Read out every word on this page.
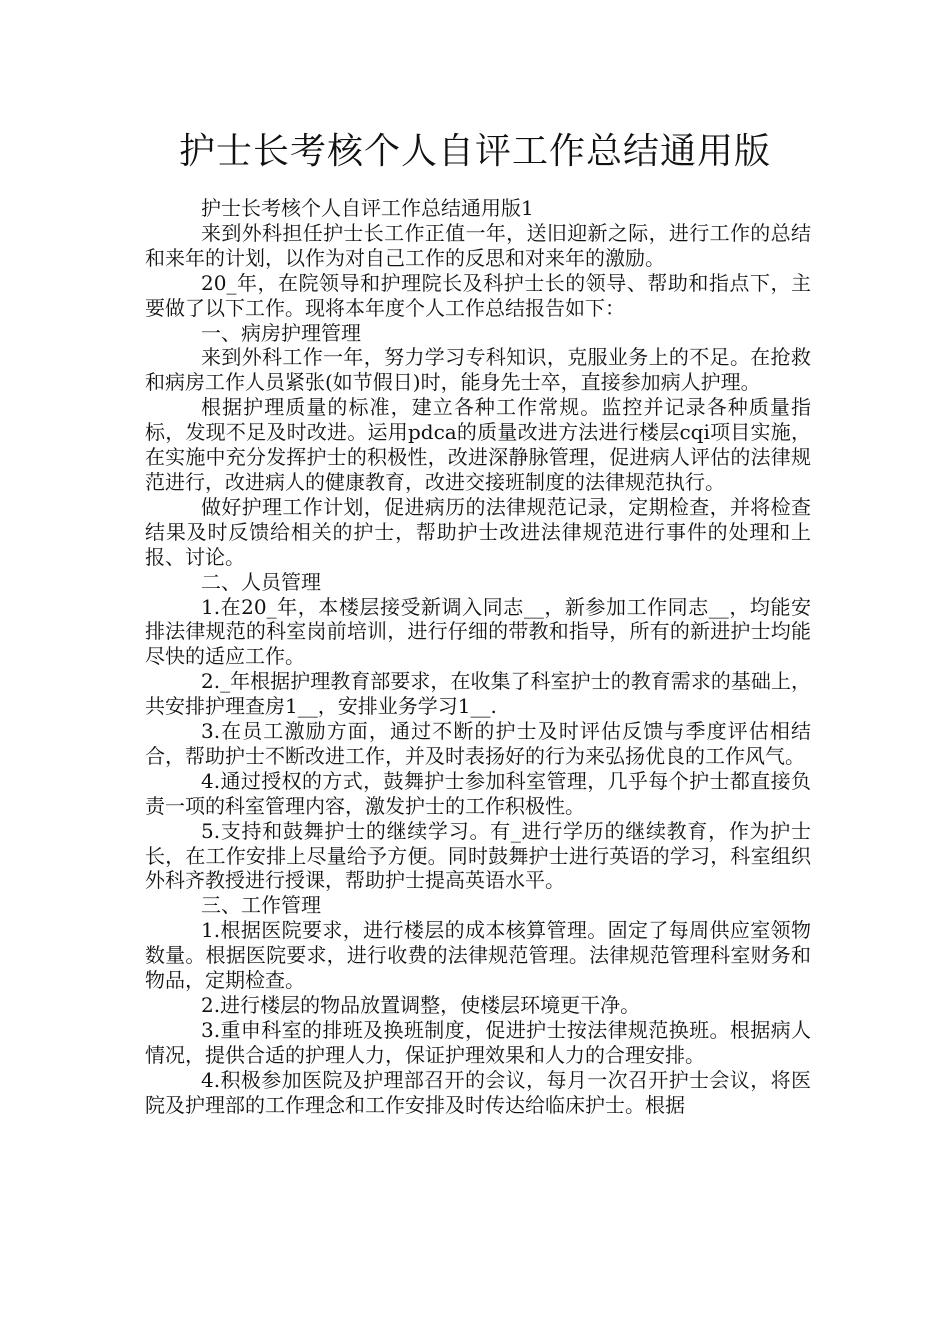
护士长考核个人自评工作总结通用版

护士长考核个人自评工作总结通用版1

来到外科担任护士长工作正值一年，送旧迎新之际，进行工作的总结和来年的计划，以作为对自己工作的反思和对来年的激励。

20_年，在院领导和护理院长及科护士长的领导、帮助和指点下，主要做了以下工作。现将本年度个人工作总结报告如下：

一、病房护理管理

来到外科工作一年，努力学习专科知识，克服业务上的不足。在抢救和病房工作人员紧张(如节假日)时，能身先士卒，直接参加病人护理。

根据护理质量的标准，建立各种工作常规。监控并记录各种质量指标，发现不足及时改进。运用pdca的质量改进方法进行楼层cqi项目实施，在实施中充分发挥护士的积极性，改进深静脉管理，促进病人评估的法律规范进行，改进病人的健康教育，改进交接班制度的法律规范执行。

做好护理工作计划，促进病历的法律规范记录，定期检查，并将检查结果及时反馈给相关的护士，帮助护士改进法律规范进行事件的处理和上报、讨论。

二、人员管理

1.在20_年，本楼层接受新调入同志__，新参加工作同志__，均能安排法律规范的科室岗前培训，进行仔细的带教和指导，所有的新进护士均能尽快的适应工作。

2._年根据护理教育部要求，在收集了科室护士的教育需求的基础上，共安排护理查房1__，安排业务学习1__.

3.在员工激励方面，通过不断的护士及时评估反馈与季度评估相结合，帮助护士不断改进工作，并及时表扬好的行为来弘扬优良的工作风气。

4.通过授权的方式，鼓舞护士参加科室管理，几乎每个护士都直接负责一项的科室管理内容，激发护士的工作积极性。

5.支持和鼓舞护士的继续学习。有_进行学历的继续教育，作为护士长，在工作安排上尽量给予方便。同时鼓舞护士进行英语的学习，科室组织外科齐教授进行授课，帮助护士提高英语水平。

三、工作管理

1.根据医院要求，进行楼层的成本核算管理。固定了每周供应室领物数量。根据医院要求，进行收费的法律规范管理。法律规范管理科室财务和物品，定期检查。

2.进行楼层的物品放置调整，使楼层环境更干净。

3.重申科室的排班及换班制度，促进护士按法律规范换班。根据病人情况，提供合适的护理人力，保证护理效果和人力的合理安排。

4.积极参加医院及护理部召开的会议，每月一次召开护士会议，将医院及护理部的工作理念和工作安排及时传达给临床护士。根据
